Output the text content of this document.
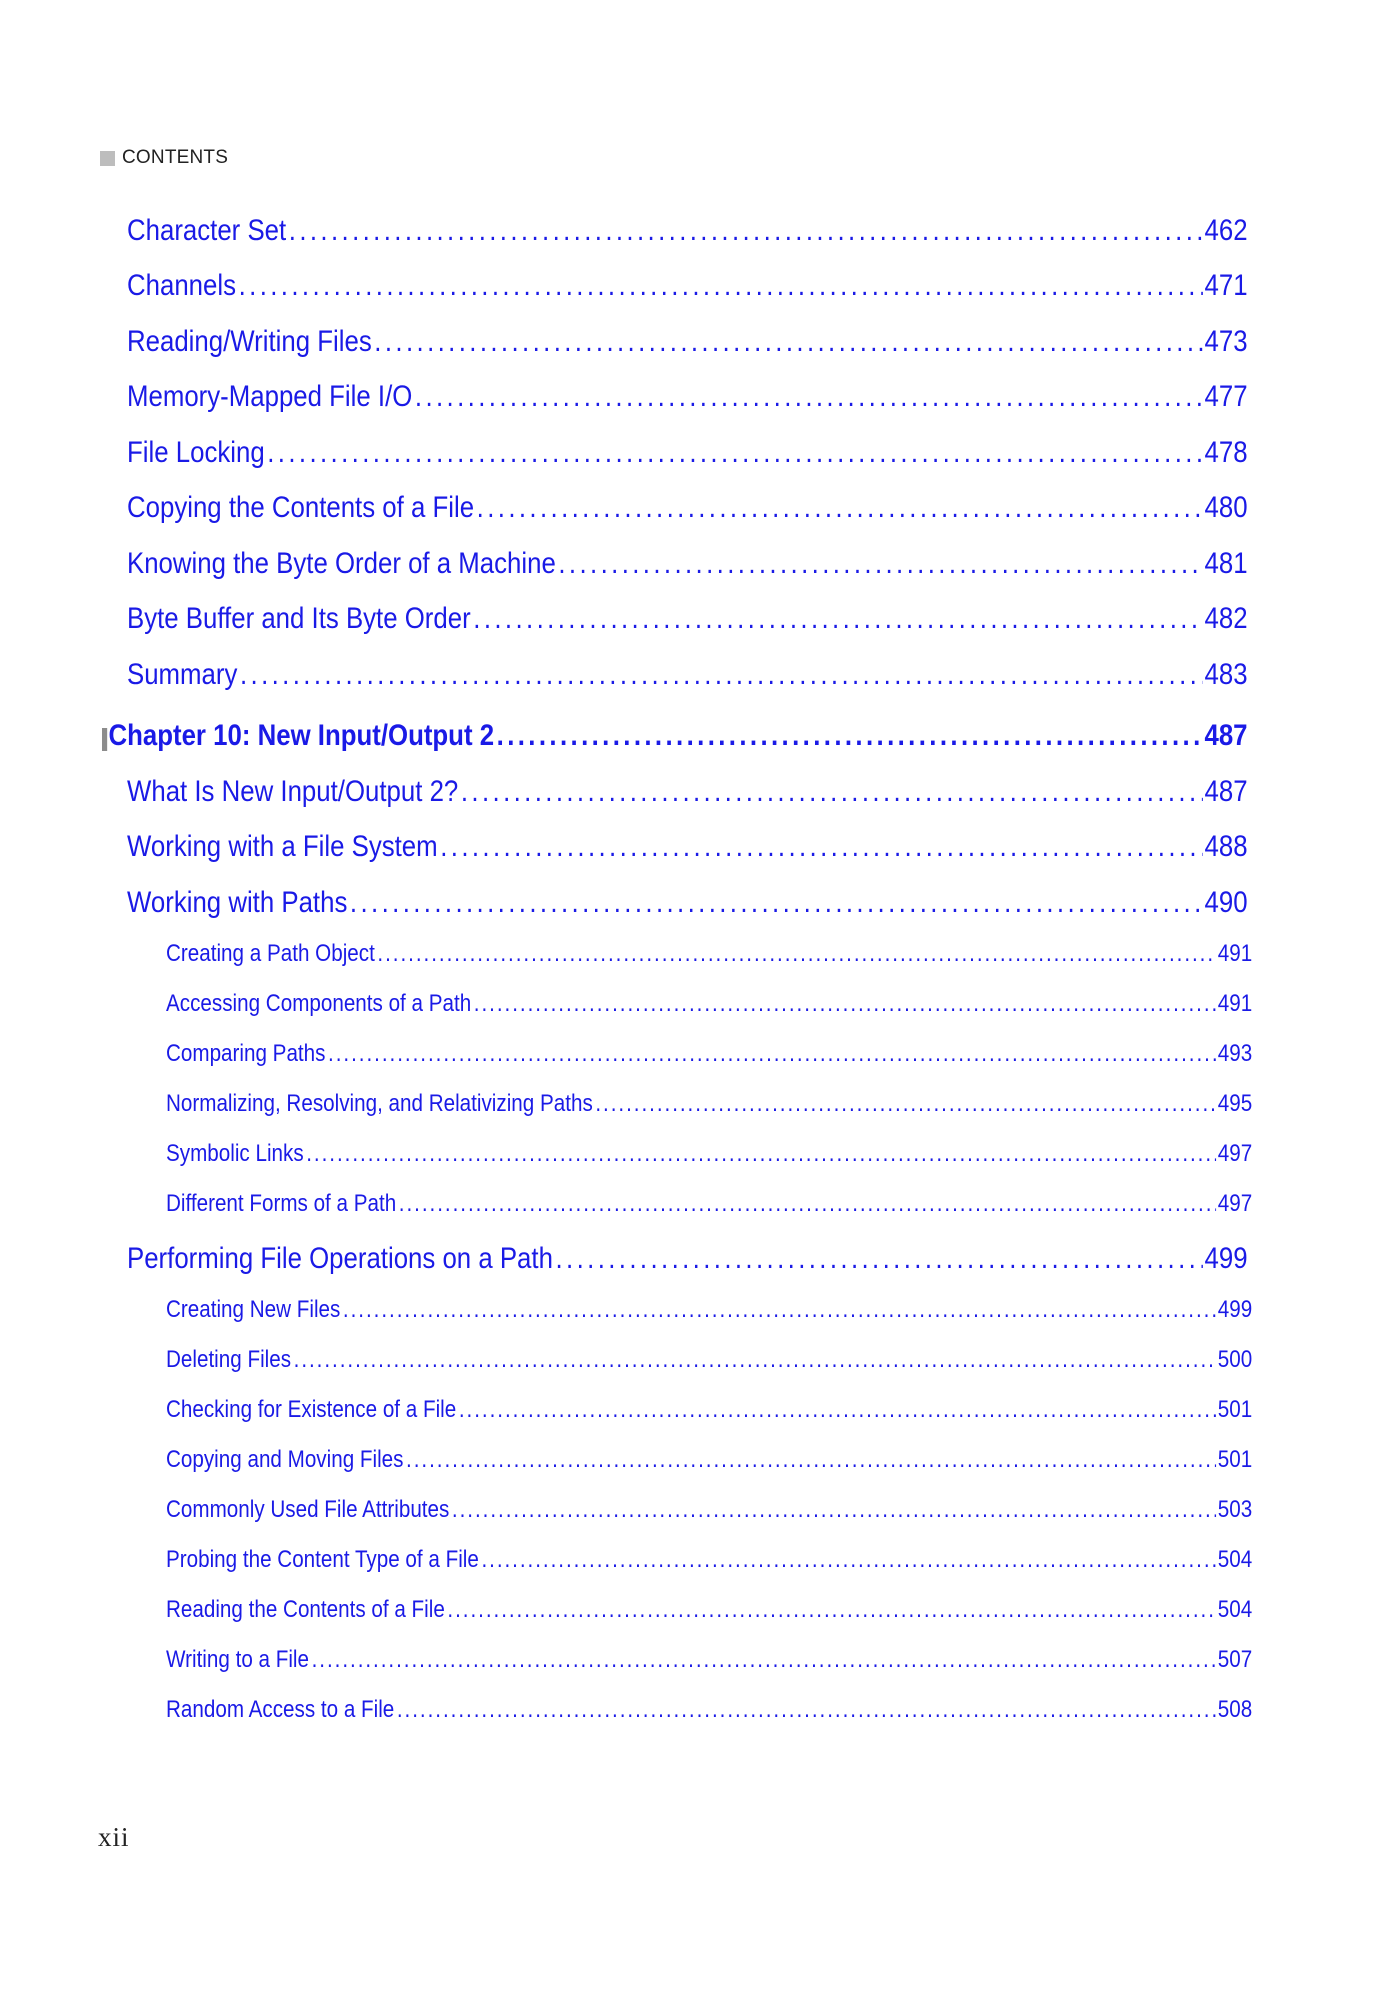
CONTENTS
Character Set . . .	462
Channels . . .	471
Reading/Writing Files . . .	473
Memory-Mapped File I/O . . .	477
File Locking . . .	478
Copying the Contents of a File . . .	480
Knowing the Byte Order of a Machine . . .	481
Byte Buffer and Its Byte Order . . .	482
Summary . . .	483
Chapter 10: New Input/Output 2 . . .	487
What Is New Input/Output 2? . . .	487
Working with a File System . . .	488
Working with Paths . . .	490
Creating a Path Object . . .	491
Accessing Components of a Path . . .	491
Comparing Paths . . .	493
Normalizing, Resolving, and Relativizing Paths . . .	495
Symbolic Links . . .	497
Different Forms of a Path . . .	497
Performing File Operations on a Path . . .	499
Creating New Files . . .	499
Deleting Files . . .	500
Checking for Existence of a File . . .	501
Copying and Moving Files . . .	501
Commonly Used File Attributes . . .	503
Probing the Content Type of a File . . .	504
Reading the Contents of a File . . .	504
Writing to a File . . .	507
Random Access to a File . . .	508
xii
